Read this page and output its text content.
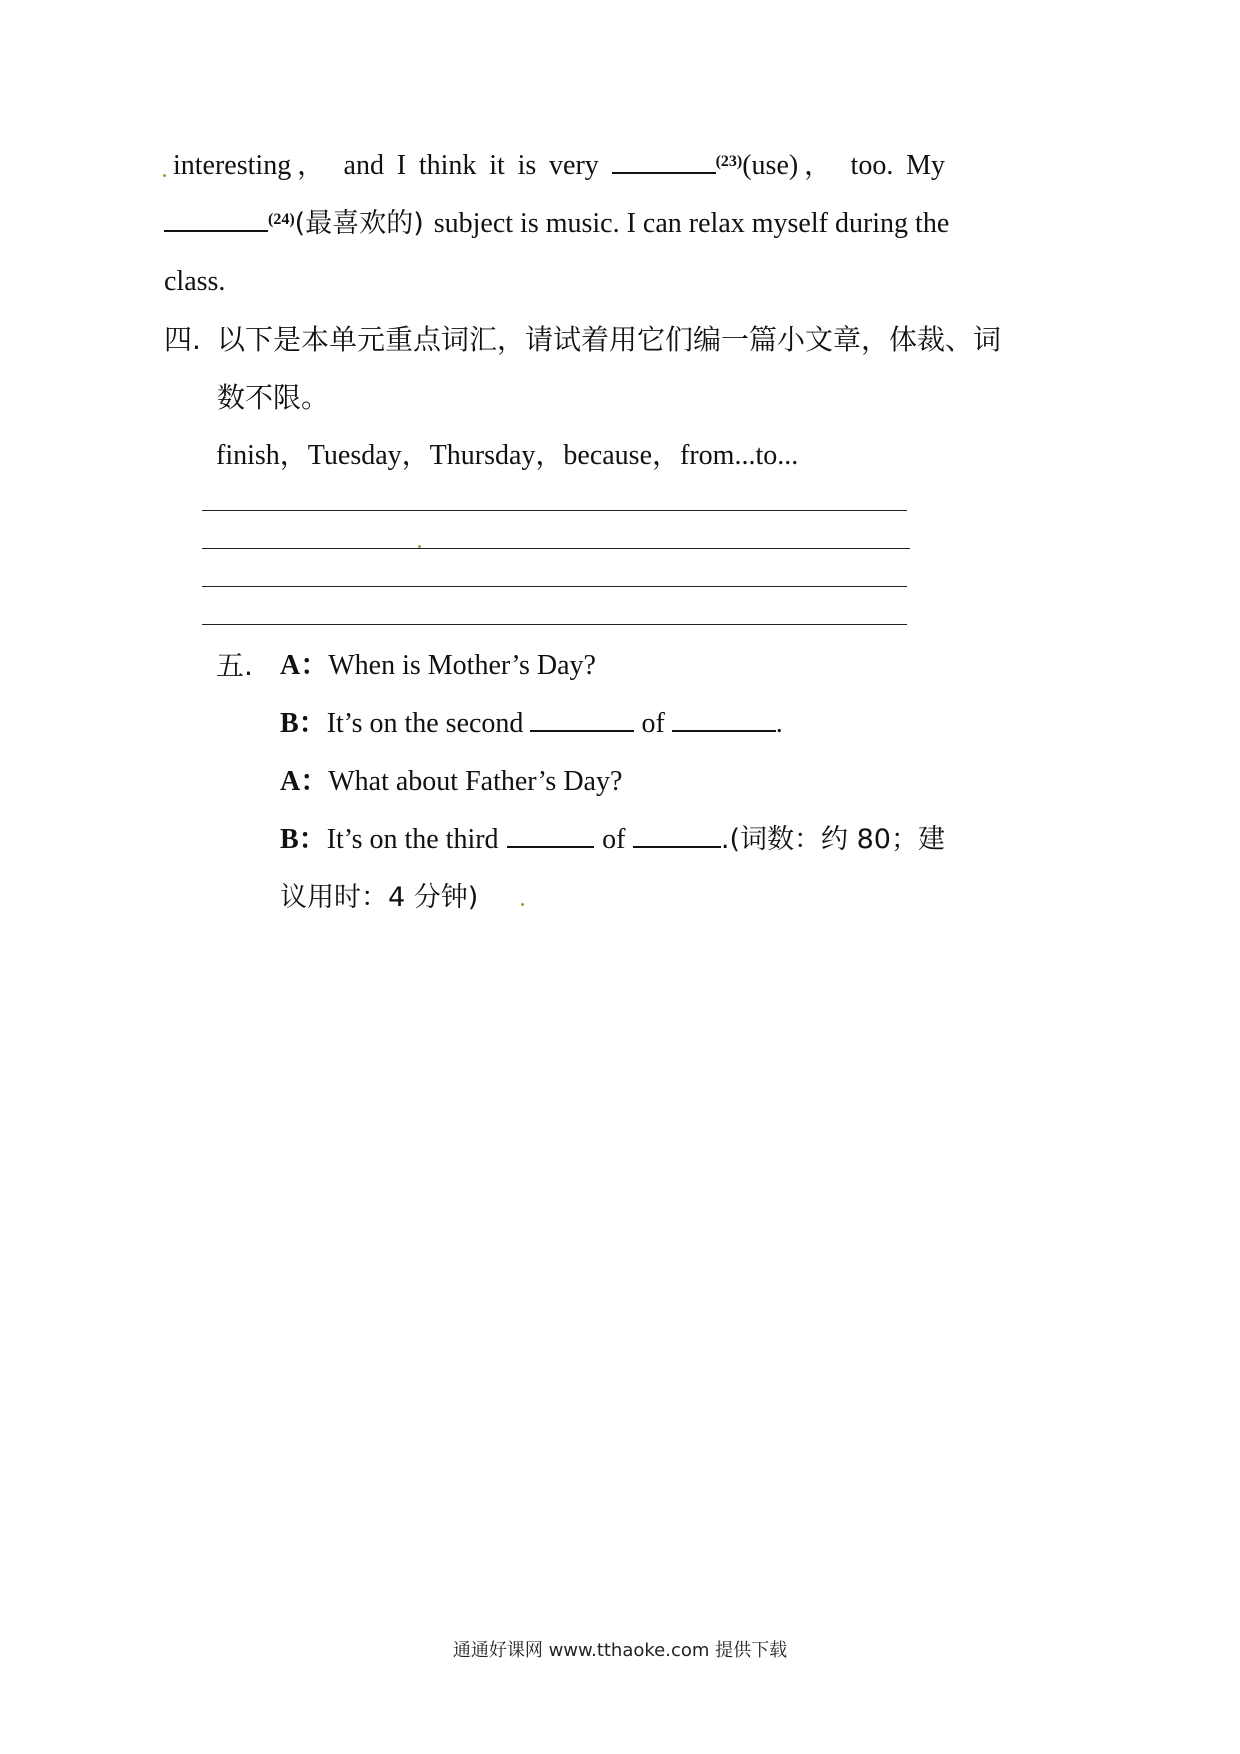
interesting， and I think it is very	$^{(23)}$(use)， too. My
$^{(24)}$(最喜欢的) subject is music. I can relax myself during the
class.
四. 以下是本单元重点词汇，请试着用它们编一篇小文章，体裁、词
数不限。
finish，Tuesday，Thursday，because，from...to...
五. A：When is Mother’s Day?
B：It’s on the second	of	.
A：What about Father’s Day?
B： It’s on the third	of	.(词数：约 80；建
议用时：4 分钟)
通通好课网 www.tthaoke.com 提供下载
